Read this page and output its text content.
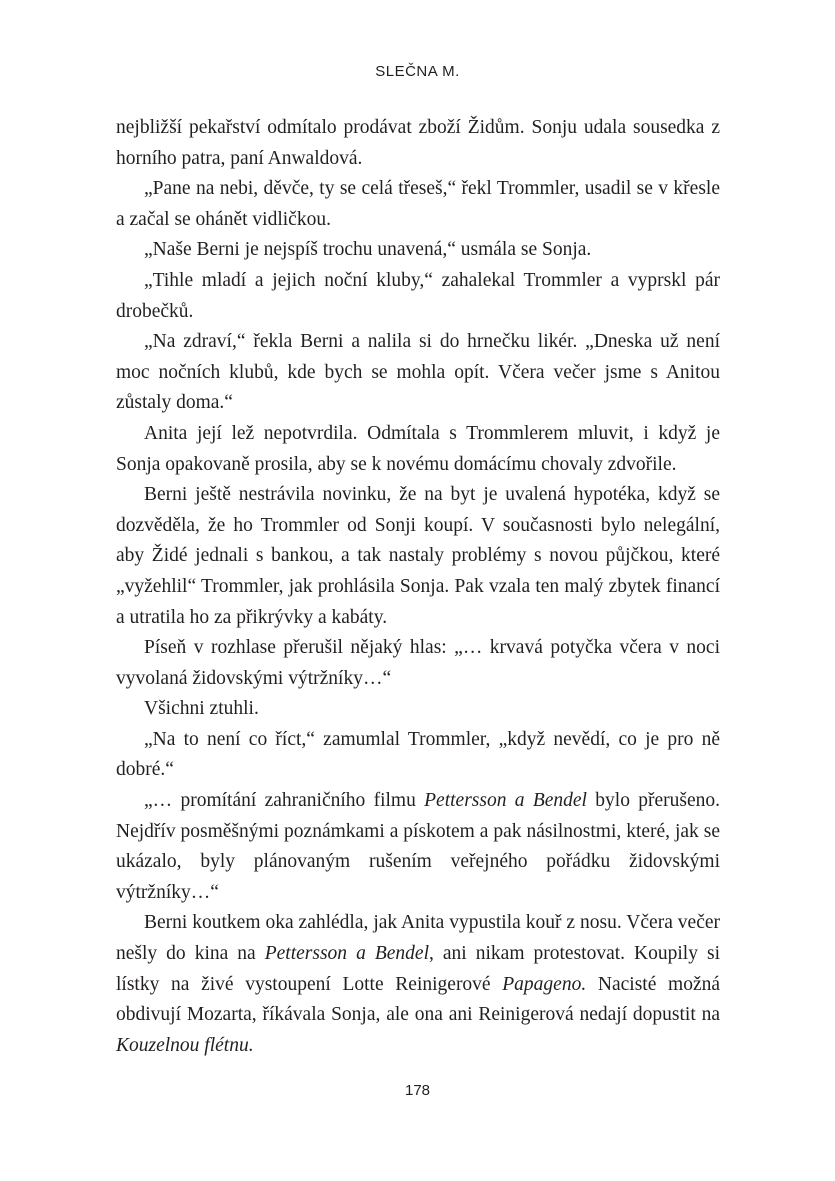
SLEČNA M.

nejbližší pekařství odmítalo prodávat zboží Židům. Sonju udala sousedka z horního patra, paní Anwaldová.

„Pane na nebi, děvče, ty se celá třeseš,“ řekl Trommler, usadil se v křesle a začal se ohánět vidličkou.

„Naše Berni je nejspíš trochu unavená,“ usmála se Sonja.

„Tihle mladí a jejich noční kluby,“ zahalekal Trommler a vyprskl pár drobečků.

„Na zdraví,“ řekla Berni a nalila si do hrnečku likér. „Dneska už není moc nočních klubů, kde bych se mohla opít. Včera večer jsme s Anitou zůstaly doma.“

Anita její lež nepotvrdila. Odmítala s Trommlerem mluvit, i když je Sonja opakovaně prosila, aby se k novému domácímu chovaly zdvořile.

Berni ještě nestrávila novinku, že na byt je uvalená hypotéka, když se dozvěděla, že ho Trommler od Sonji koupí. V současnosti bylo nelegální, aby Židé jednali s bankou, a tak nastaly problémy s novou půjčkou, které „vyžehlil“ Trommler, jak prohlásila Sonja. Pak vzala ten malý zbytek financí a utratila ho za přikrývky a kabáty.

Píseň v rozhlase přerušil nějaký hlas: „… krvavá potyčka včera v noci vyvolaná židovskými výtržníky…“

Všichni ztuhli.

„Na to není co říct,“ zamumlal Trommler, „když nevědí, co je pro ně dobré.“

„… promítání zahraničního filmu Pettersson a Bendel bylo přerušeno. Nejdřív posměšnými poznámkami a pískotem a pak násilnostmi, které, jak se ukázalo, byly plánovaným rušením veřejného pořádku židovskými výtržníky…“

Berni koutkem oka zahlédla, jak Anita vypustila kouř z nosu. Včera večer nešly do kina na Pettersson a Bendel, ani nikam protestovat. Koupily si lístky na živé vystoupení Lotte Reinigerové Papageno. Nacisté možná obdivují Mozarta, říkávala Sonja, ale ona ani Reinigerová nedají dopustit na Kouzelnou flétnu.

178
